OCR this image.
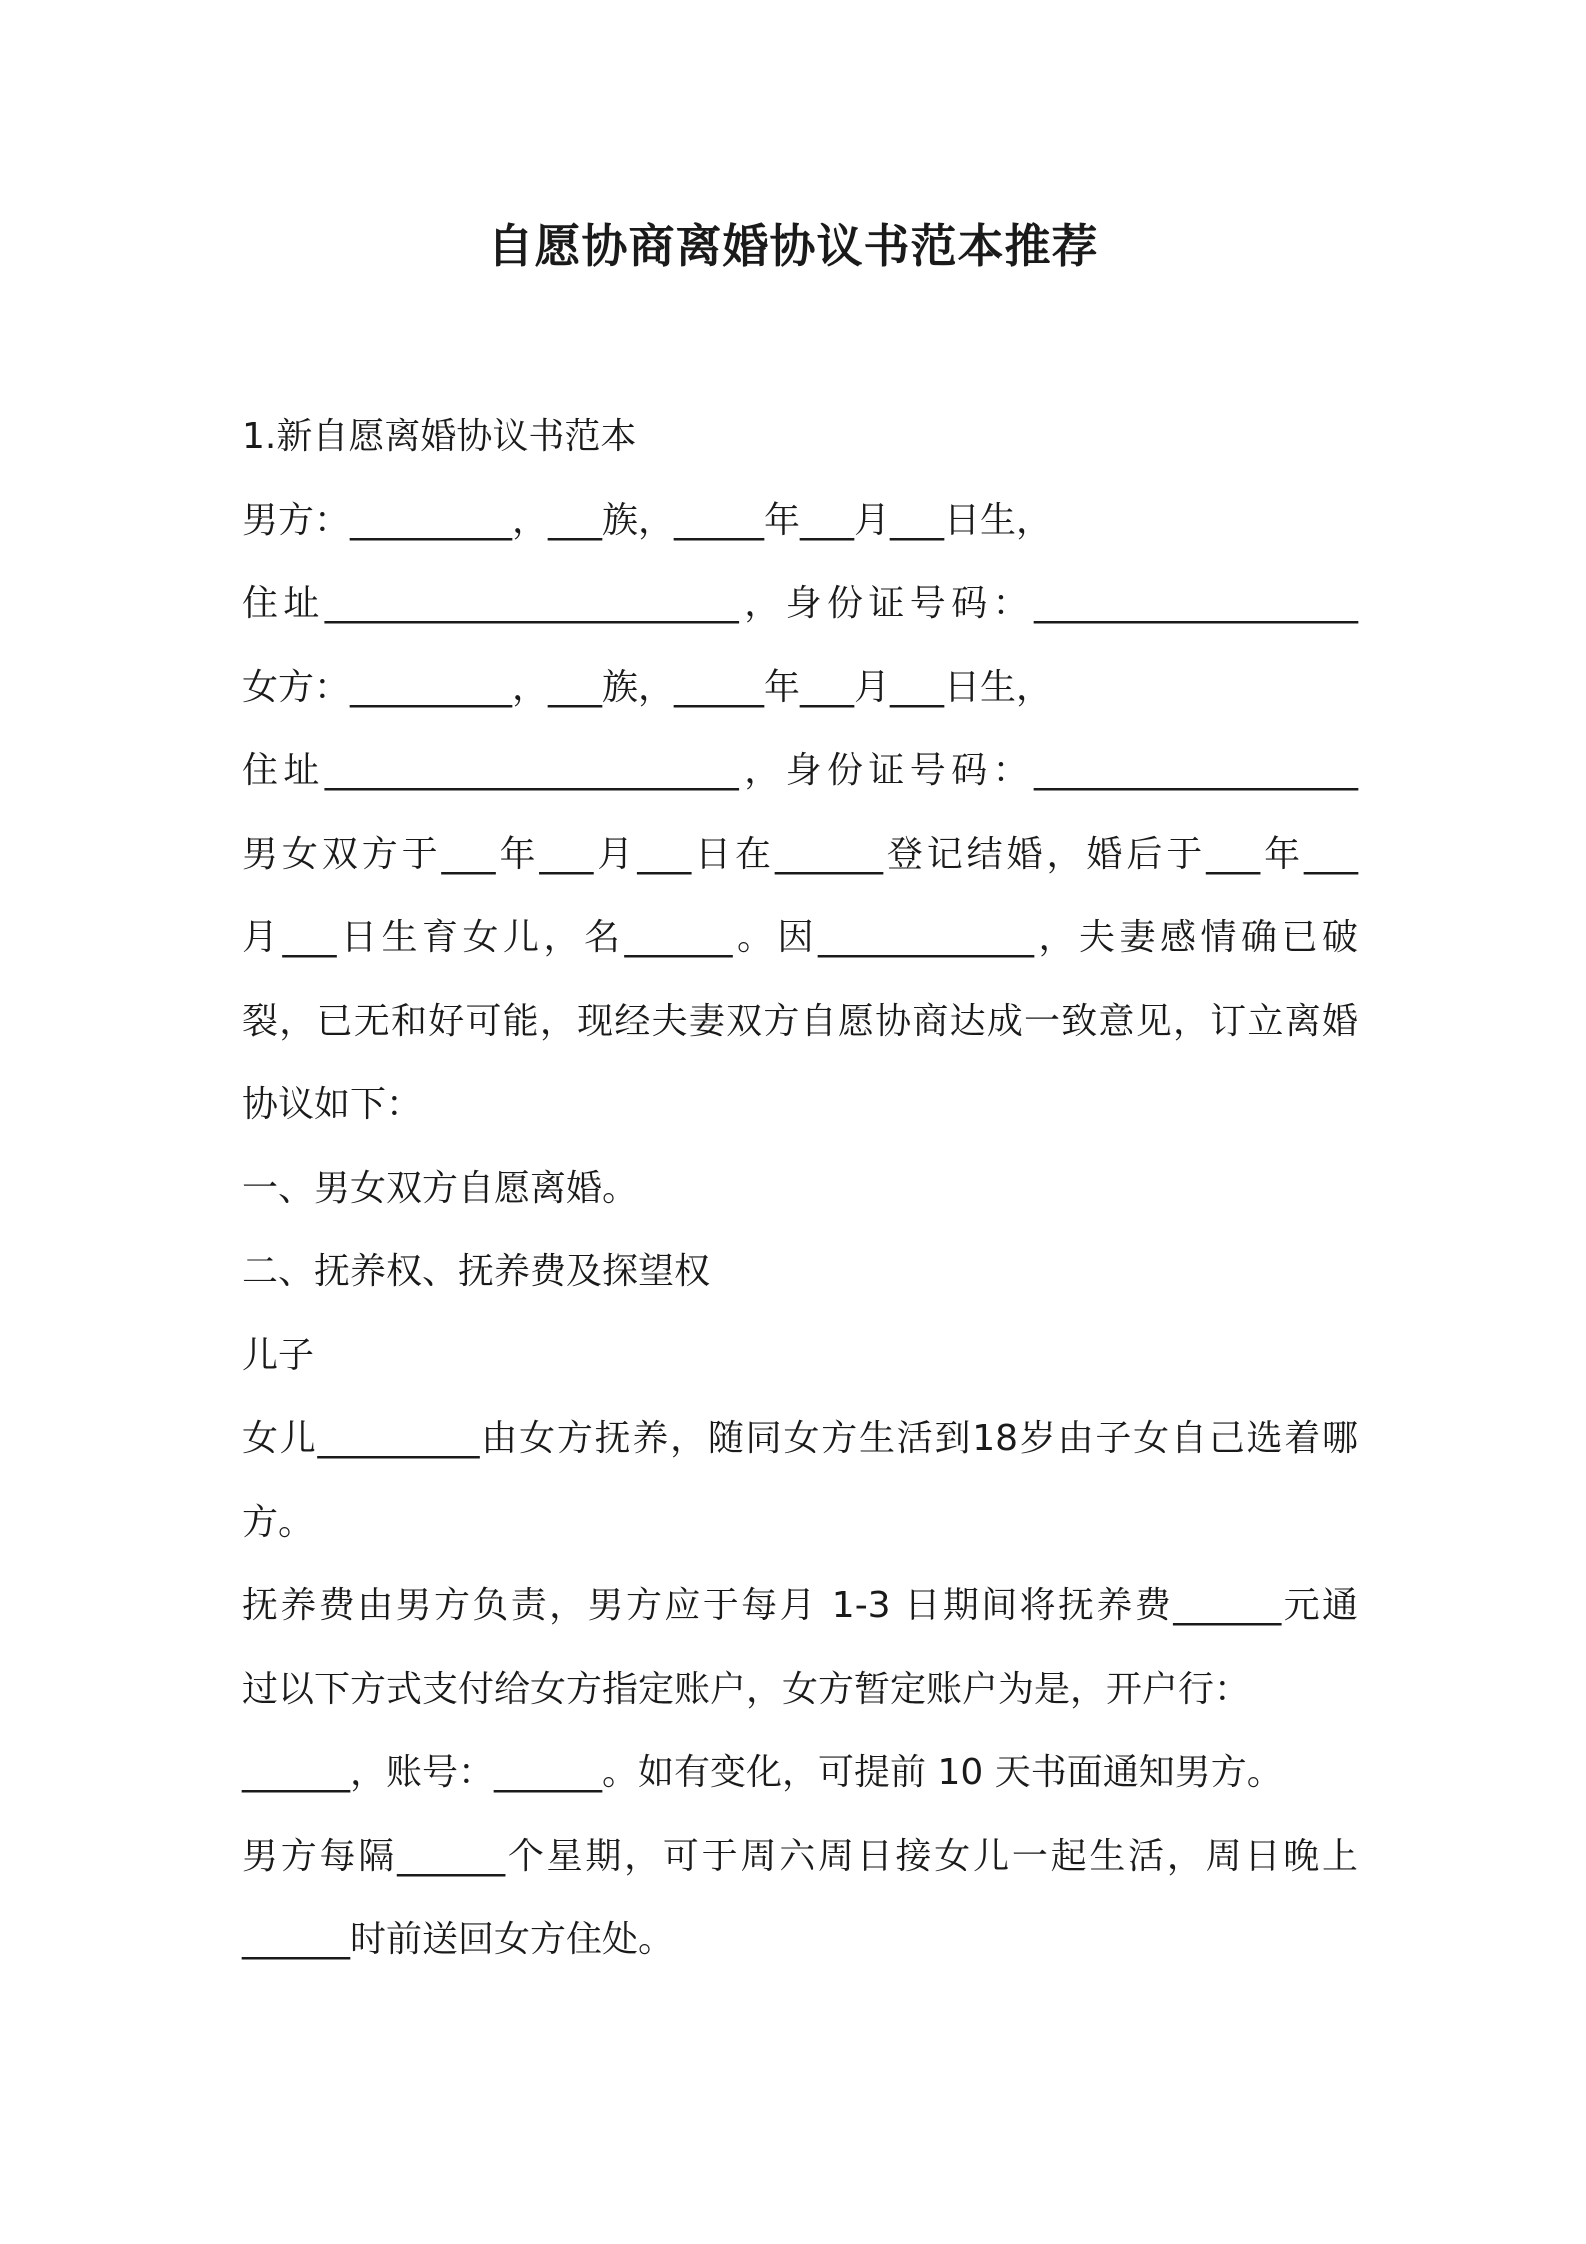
自愿协商离婚协议书范本推荐
1.新自愿离婚协议书范本
男方：_________，___族，_____年___月___日生，
住址_______________________，身份证号码：__________________
女方：_________，___族，_____年___月___日生，
住址_______________________，身份证号码：__________________
男女双方于___年___月___日在______登记结婚，婚后于___年___
月___日生育女儿，名______。因____________，夫妻感情确已破
裂，已无和好可能，现经夫妻双方自愿协商达成一致意见，订立离婚
协议如下：
一、男女双方自愿离婚。
二、抚养权、抚养费及探望权
儿子
女儿_________由女方抚养，随同女方生活到18岁由子女自己选着哪
方。
抚养费由男方负责，男方应于每月 1-3 日期间将抚养费______元通
过以下方式支付给女方指定账户，女方暂定账户为是，开户行：
______，账号：______。如有变化，可提前 10 天书面通知男方。
男方每隔______个星期，可于周六周日接女儿一起生活，周日晚上
______时前送回女方住处。
